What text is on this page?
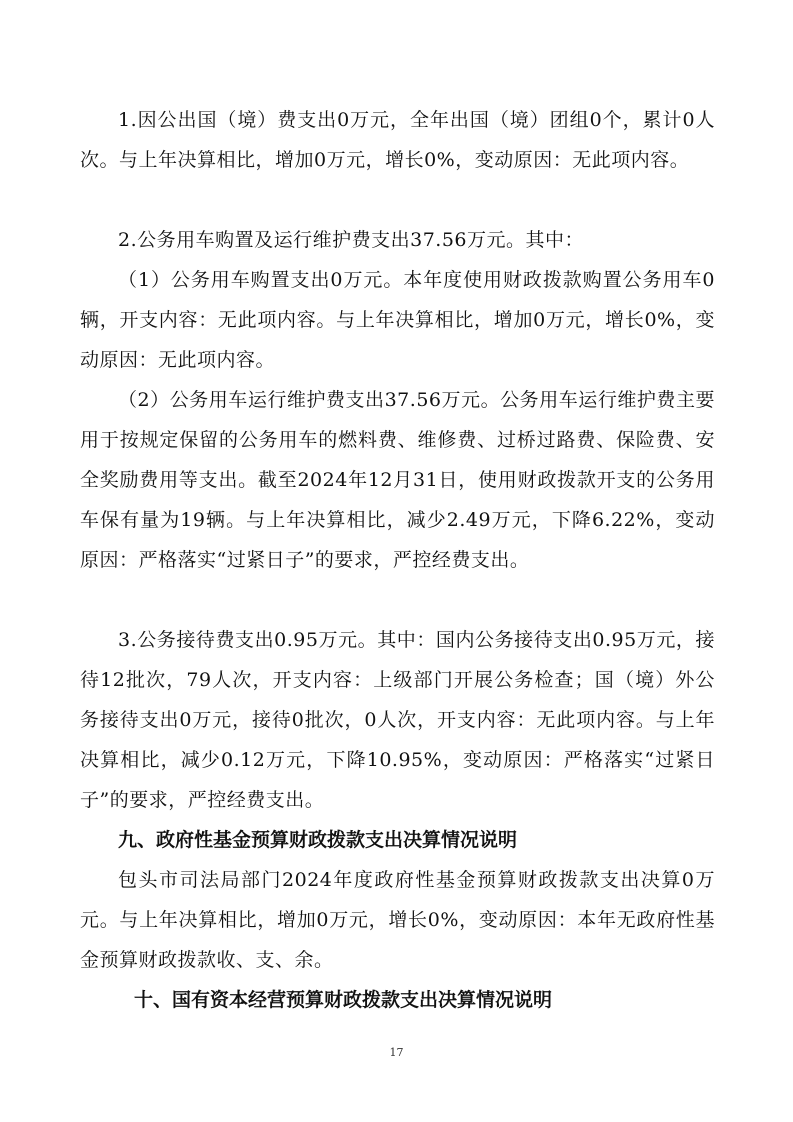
1.因公出国（境）费支出0万元，全年出国（境）团组0个，累计0人次。与上年决算相比，增加0万元，增长0%，变动原因：无此项内容。

2.公务用车购置及运行维护费支出37.56万元。其中：

（1）公务用车购置支出0万元。本年度使用财政拨款购置公务用车0辆，开支内容：无此项内容。与上年决算相比，增加0万元，增长0%，变动原因：无此项内容。

（2）公务用车运行维护费支出37.56万元。公务用车运行维护费主要用于按规定保留的公务用车的燃料费、维修费、过桥过路费、保险费、安全奖励费用等支出。截至2024年12月31日，使用财政拨款开支的公务用车保有量为19辆。与上年决算相比，减少2.49万元，下降6.22%，变动原因：严格落实“过紧日子”的要求，严控经费支出。

3.公务接待费支出0.95万元。其中：国内公务接待支出0.95万元，接待12批次，79人次，开支内容：上级部门开展公务检查；国（境）外公务接待支出0万元，接待0批次，0人次，开支内容：无此项内容。与上年决算相比，减少0.12万元，下降10.95%，变动原因：严格落实“过紧日子”的要求，严控经费支出。

九、政府性基金预算财政拨款支出决算情况说明

包头市司法局部门2024年度政府性基金预算财政拨款支出决算0万元。与上年决算相比，增加0万元，增长0%，变动原因：本年无政府性基金预算财政拨款收、支、余。

十、国有资本经营预算财政拨款支出决算情况说明
17
